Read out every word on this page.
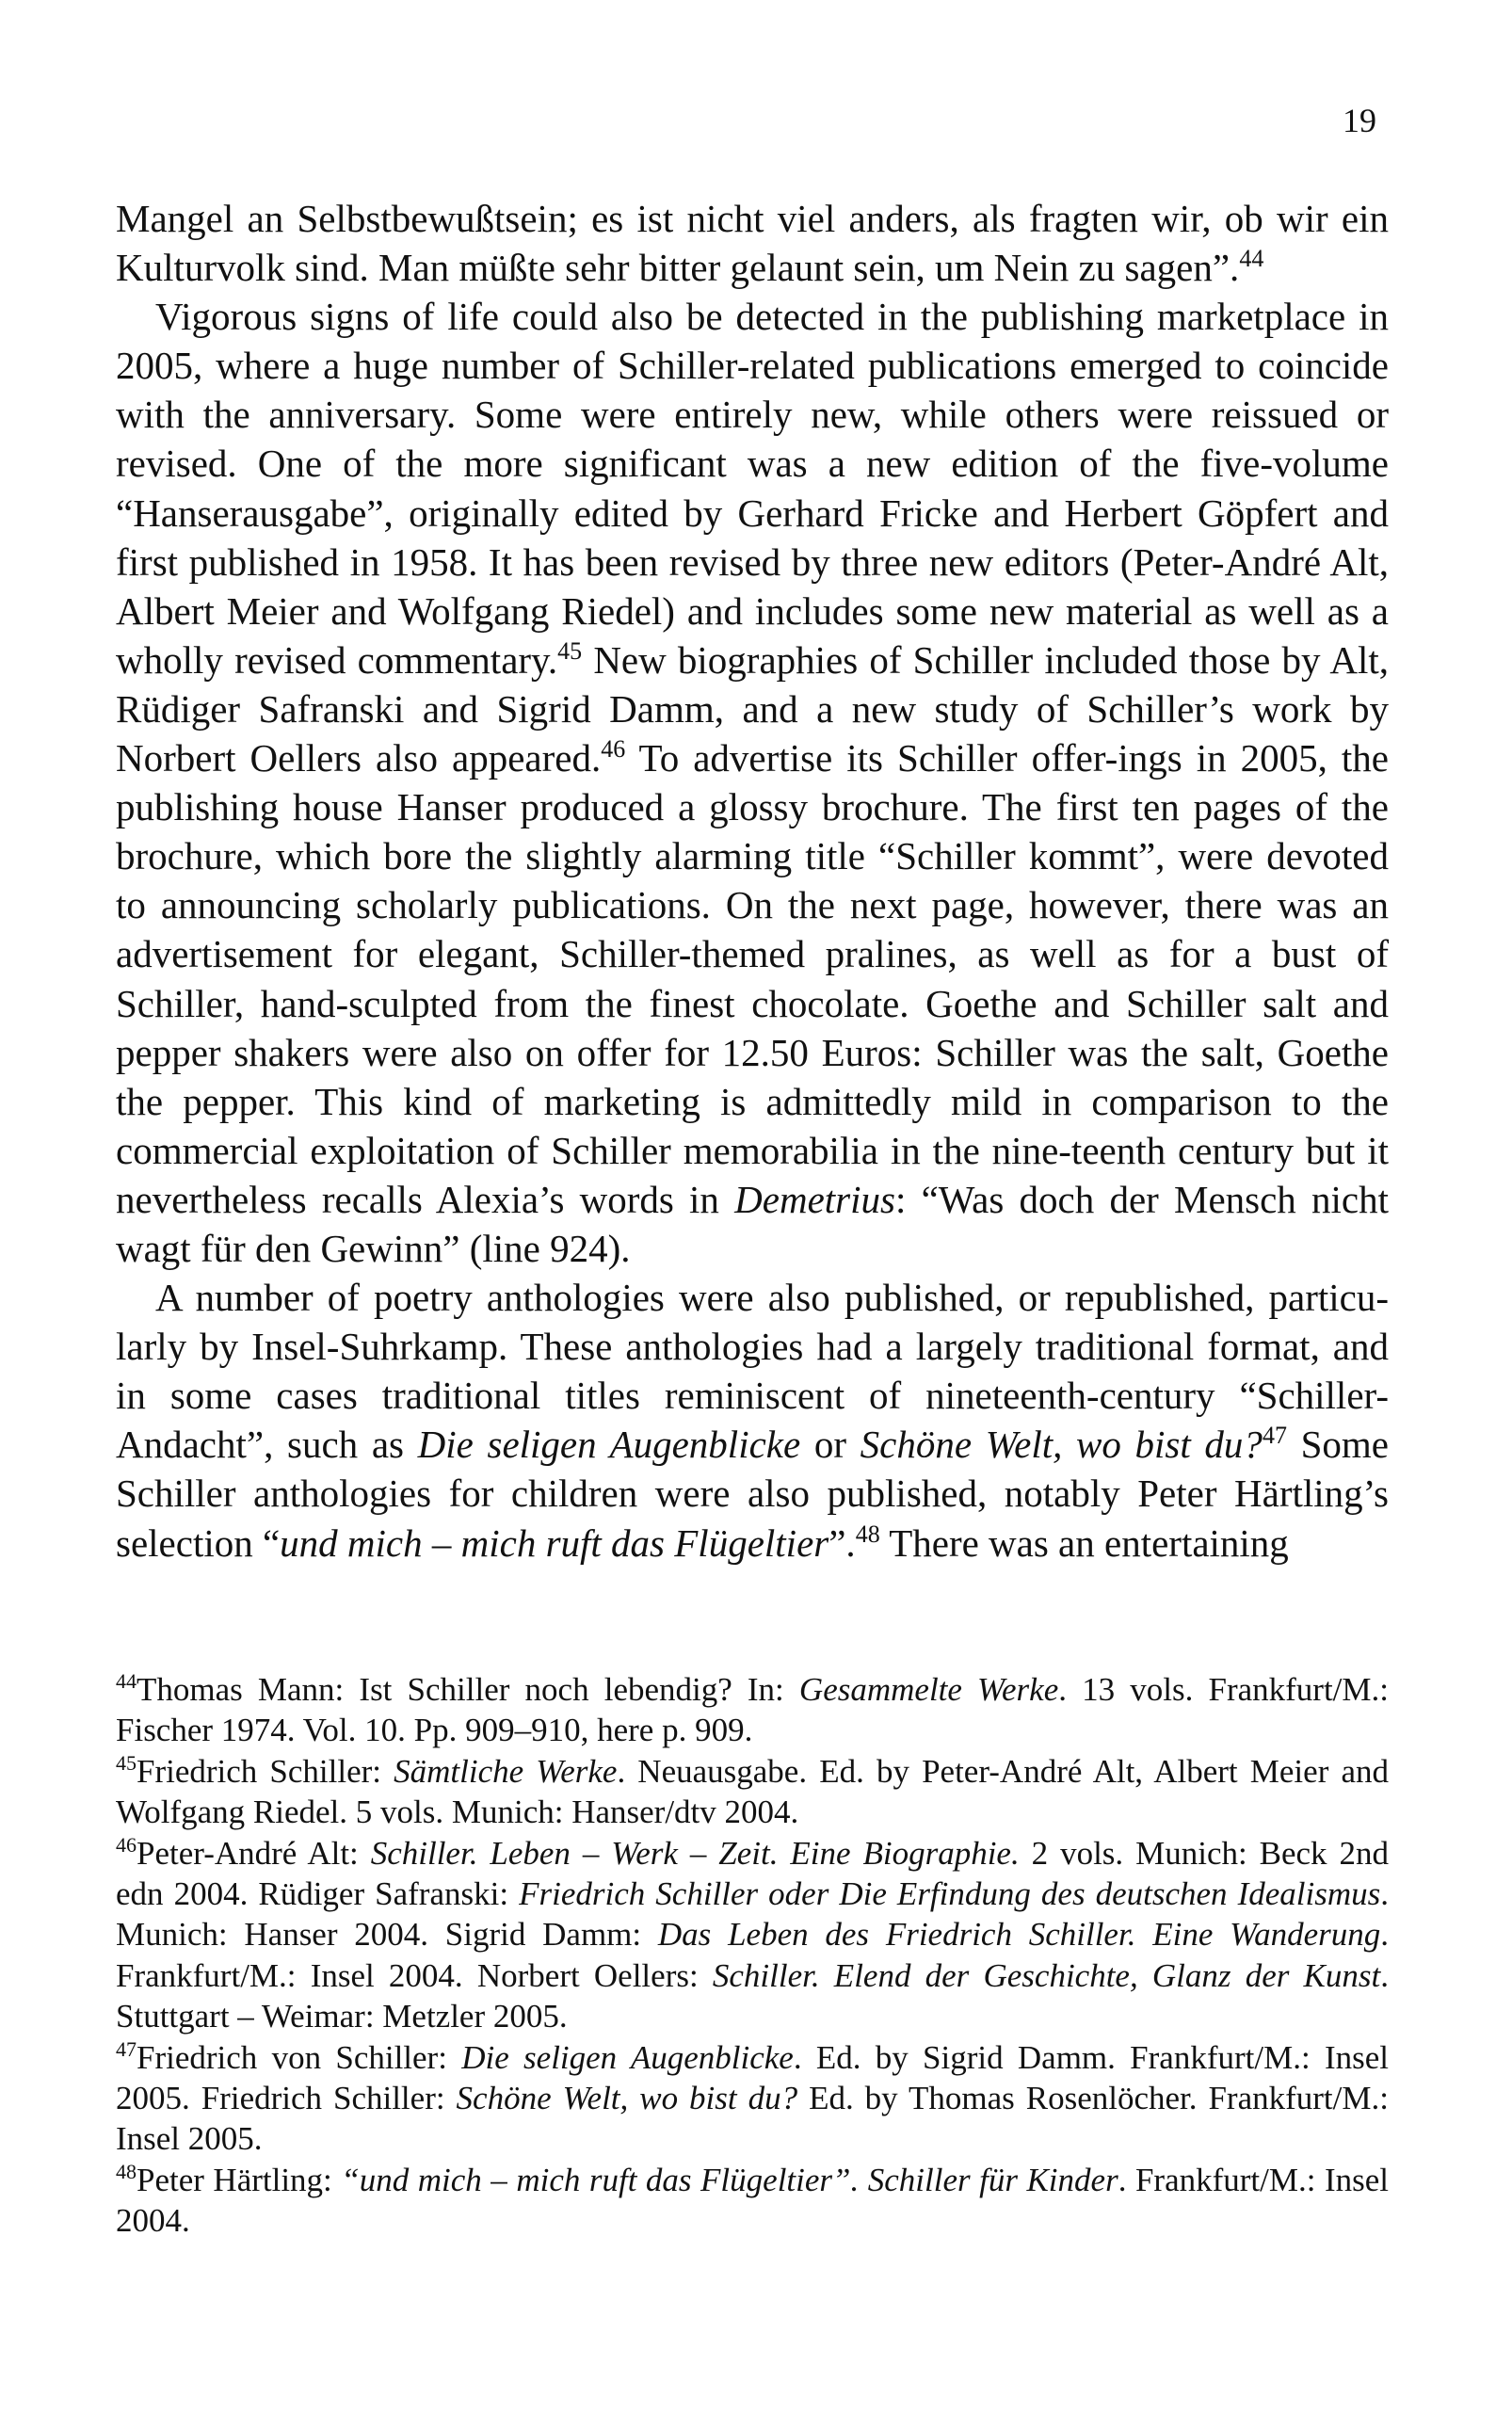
19

Mangel an Selbstbewußtsein; es ist nicht viel anders, als fragten wir, ob wir ein Kulturvolk sind. Man müßte sehr bitter gelaunt sein, um Nein zu sagen”.$^{44}$

Vigorous signs of life could also be detected in the publishing marketplace in 2005, where a huge number of Schiller-related publications emerged to coincide with the anniversary. Some were entirely new, while others were reissued or revised. One of the more significant was a new edition of the five-volume “Hanserausgabe”, originally edited by Gerhard Fricke and Herbert Göpfert and first published in 1958. It has been revised by three new editors (Peter-André Alt, Albert Meier and Wolfgang Riedel) and includes some new material as well as a wholly revised commentary.$^{45}$ New biographies of Schiller included those by Alt, Rüdiger Safranski and Sigrid Damm, and a new study of Schiller’s work by Norbert Oellers also appeared.$^{46}$ To advertise its Schiller offer-ings in 2005, the publishing house Hanser produced a glossy brochure. The first ten pages of the brochure, which bore the slightly alarming title “Schiller kommt”, were devoted to announcing scholarly publications. On the next page, however, there was an advertisement for elegant, Schiller-themed pralines, as well as for a bust of Schiller, hand-sculpted from the finest chocolate. Goethe and Schiller salt and pepper shakers were also on offer for 12.50 Euros: Schiller was the salt, Goethe the pepper. This kind of marketing is admittedly mild in comparison to the commercial exploitation of Schiller memorabilia in the nine-teenth century but it nevertheless recalls Alexia’s words in Demetrius: “Was doch der Mensch nicht wagt für den Gewinn” (line 924).

A number of poetry anthologies were also published, or republished, particu-larly by Insel-Suhrkamp. These anthologies had a largely traditional format, and in some cases traditional titles reminiscent of nineteenth-century “Schiller-Andacht”, such as Die seligen Augenblicke or Schöne Welt, wo bist du?$^{47}$ Some Schiller anthologies for children were also published, notably Peter Härtling’s selection “und mich – mich ruft das Flügeltier”.$^{48}$ There was an entertaining

$^{44}$Thomas Mann: Ist Schiller noch lebendig? In: Gesammelte Werke. 13 vols. Frankfurt/M.: Fischer 1974. Vol. 10. Pp. 909–910, here p. 909.

$^{45}$Friedrich Schiller: Sämtliche Werke. Neuausgabe. Ed. by Peter-André Alt, Albert Meier and Wolfgang Riedel. 5 vols. Munich: Hanser/dtv 2004.

$^{46}$Peter-André Alt: Schiller. Leben – Werk – Zeit. Eine Biographie. 2 vols. Munich: Beck 2nd edn 2004. Rüdiger Safranski: Friedrich Schiller oder Die Erfindung des deutschen Idealismus. Munich: Hanser 2004. Sigrid Damm: Das Leben des Friedrich Schiller. Eine Wanderung. Frankfurt/M.: Insel 2004. Norbert Oellers: Schiller. Elend der Geschichte, Glanz der Kunst. Stuttgart – Weimar: Metzler 2005.

$^{47}$Friedrich von Schiller: Die seligen Augenblicke. Ed. by Sigrid Damm. Frankfurt/M.: Insel 2005. Friedrich Schiller: Schöne Welt, wo bist du? Ed. by Thomas Rosenlöcher. Frankfurt/M.: Insel 2005.

$^{48}$Peter Härtling: “und mich – mich ruft das Flügeltier”. Schiller für Kinder. Frankfurt/M.: Insel 2004.
